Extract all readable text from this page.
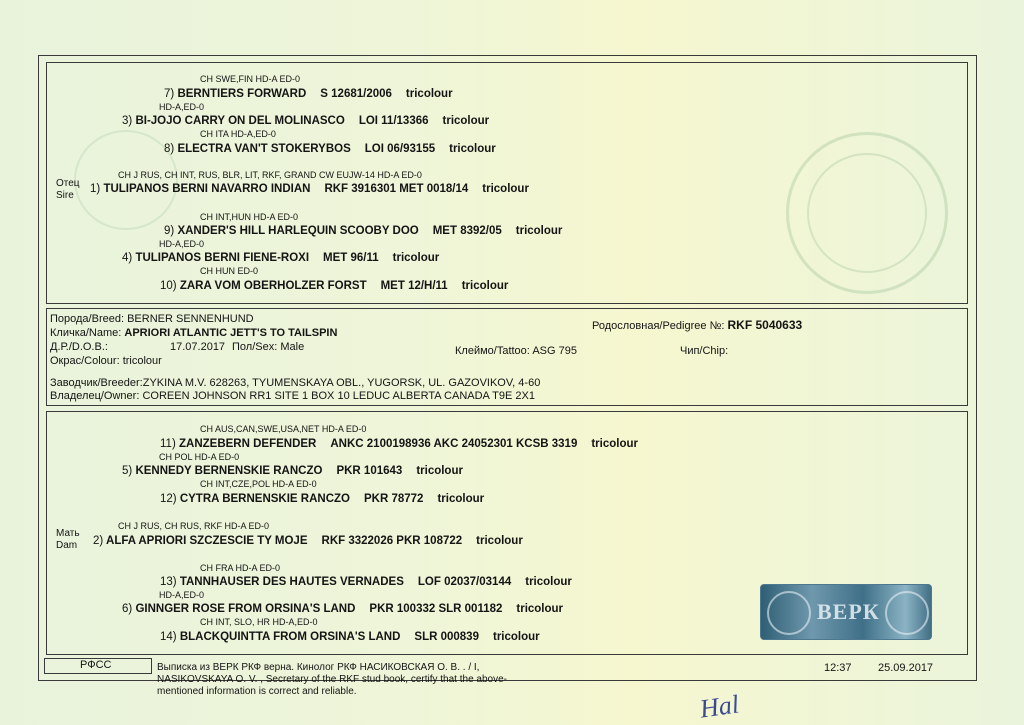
Отец
Sire
CH SWE,FIN HD-A ED-0
7) BERNTIERS FORWARD S 12681/2006 tricolour
HD-A,ED-0
3) BI-JOJO CARRY ON DEL MOLINASCO LOI 11/13366 tricolour
CH ITA HD-A,ED-0
8) ELECTRA VAN'T STOKERYBOS LOI 06/93155 tricolour
CH J RUS, CH INT, RUS, BLR, LIT, RKF, GRAND CW EUJW-14 HD-A ED-0
1) TULIPANOS BERNI NAVARRO INDIAN RKF 3916301 MET 0018/14 tricolour
CH INT,HUN HD-A ED-0
9) XANDER'S HILL HARLEQUIN SCOOBY DOO MET 8392/05 tricolour
HD-A,ED-0
4) TULIPANOS BERNI FIENE-ROXI MET 96/11 tricolour
CH HUN ED-0
10) ZARA VOM OBERHOLZER FORST MET 12/H/11 tricolour
Порода/Breed: BERNER SENNENHUND
Родословная/Pedigree №: RKF 5040633
Кличка/Name: APRIORI ATLANTIC JETT'S TO TAILSPIN
Д.Р./D.O.B.:	17.07.2017 Пол/Sex: Male	Клеймо/Tattoo: ASG 795	Чип/Chip:
Окрас/Colour: tricolour
Заводчик/Breeder:ZYKINA M.V. 628263, TYUMENSKAYA OBL., YUGORSK, UL. GAZOVIKOV, 4-60
Владелец/Owner: COREEN JOHNSON RR1 SITE 1 BOX 10 LEDUC ALBERTA CANADA T9E 2X1
Мать
Dam
CH AUS,CAN,SWE,USA,NET HD-A ED-0
11) ZANZEBERN DEFENDER ANKC 2100198936 AKC 24052301 KCSB 3319 tricolour
CH POL HD-A ED-0
5) KENNEDY BERNENSKIE RANCZO PKR 101643 tricolour
CH INT,CZE,POL HD-A ED-0
12) CYTRA BERNENSKIE RANCZO PKR 78772 tricolour
CH J RUS, CH RUS, RKF HD-A ED-0
2) ALFA APRIORI SZCZESCIE TY MOJE RKF 3322026 PKR 108722 tricolour
CH FRA HD-A ED-0
13) TANNHAUSER DES HAUTES VERNADES LOF 02037/03144 tricolour
HD-A,ED-0
6) GINNGER ROSE FROM ORSINA'S LAND PKR 100332 SLR 001182 tricolour
CH INT, SLO, HR HD-A,ED-0
14) BLACKQUINTTA FROM ORSINA'S LAND SLR 000839 tricolour
ВЕРК
РФСС	Выписка из ВЕРК РКФ верна. Кинолог РКФ НАСИКОВСКАЯ О. В. . / I,
NASIKOVSKAYA O. V. , Secretary of the RKF stud book, certify that the above-
mentioned information is correct and reliable.
12:37 25.09.2017
Hal
